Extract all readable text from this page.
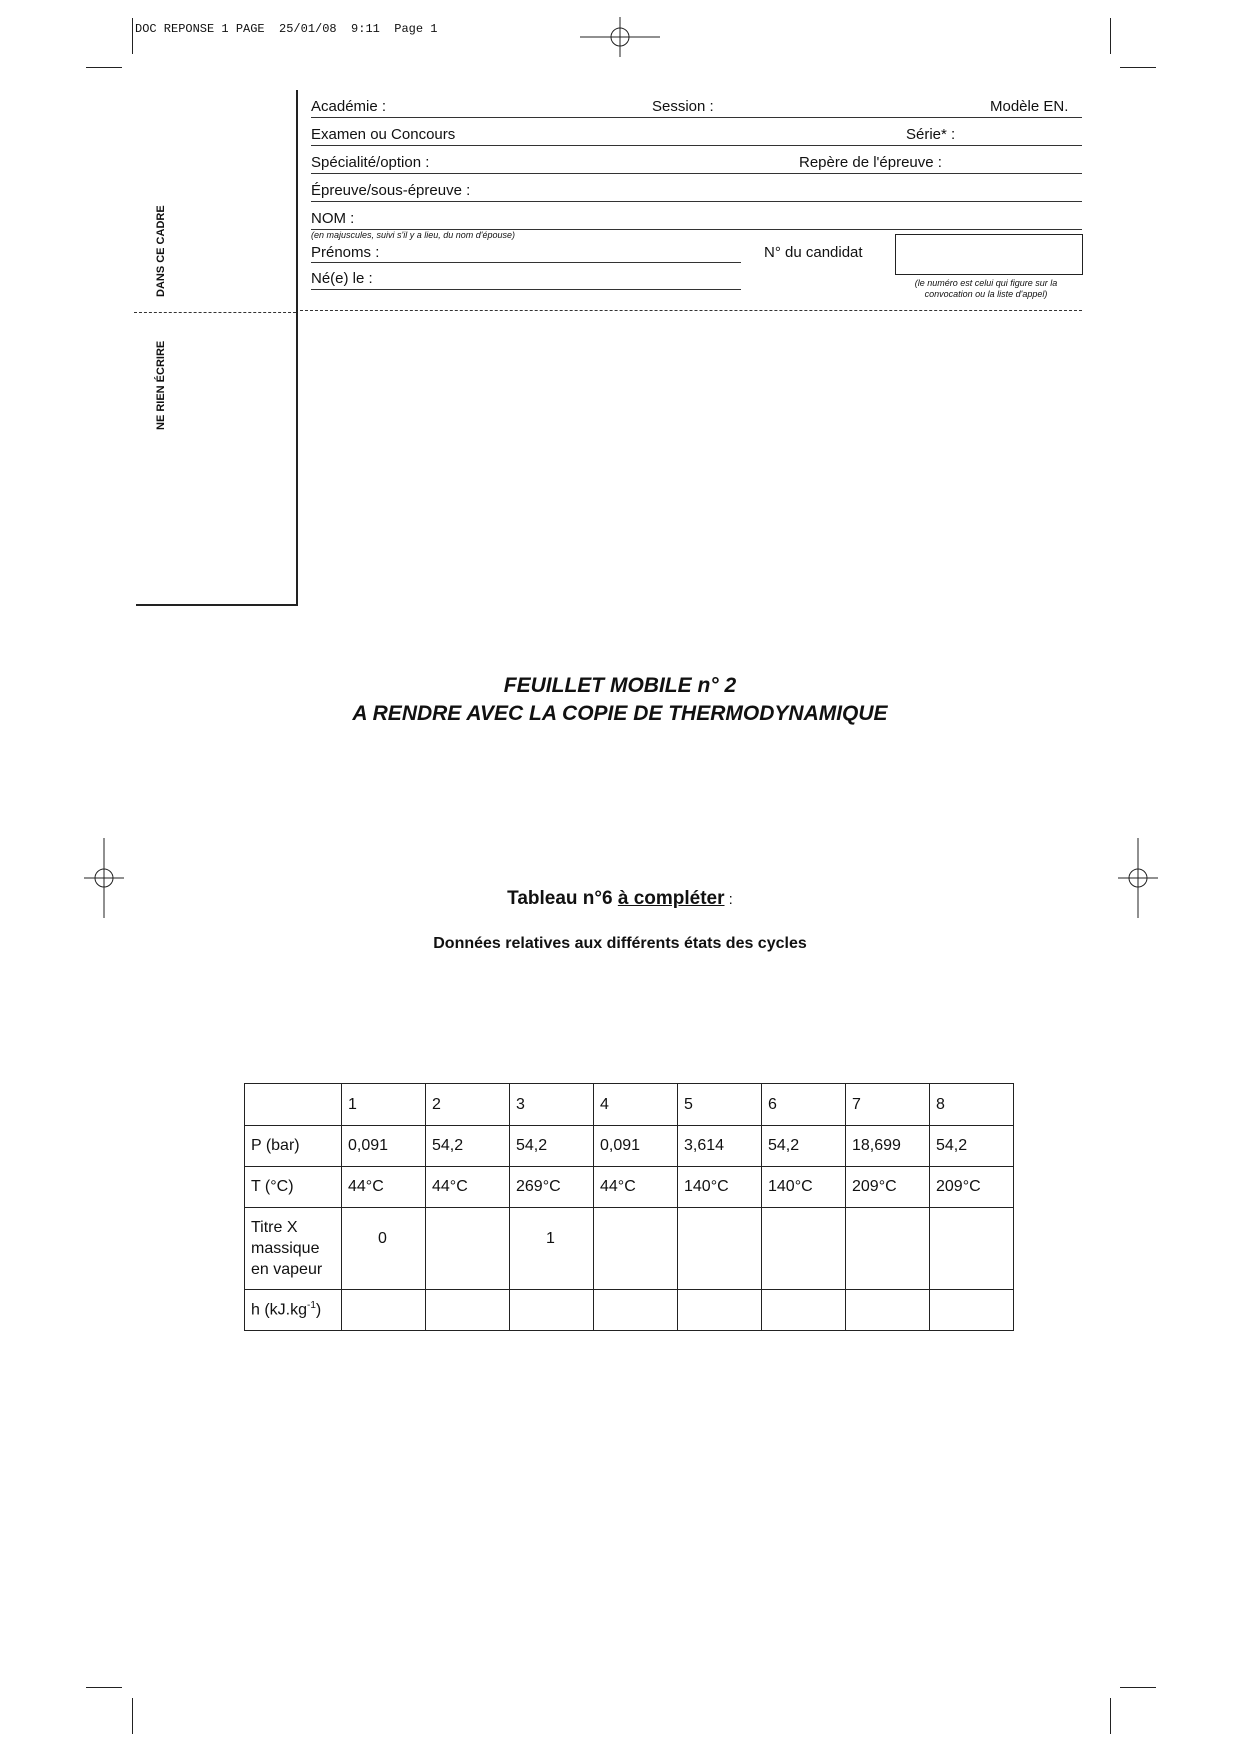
DOC REPONSE 1 PAGE  25/01/08  9:11  Page 1
DANS CE CADRE
NE RIEN ÉCRIRE
Académie :	Session :	Modèle EN.
Examen ou Concours	Série* :
Spécialité/option :	Repère de l'épreuve :
Épreuve/sous-épreuve :
NOM :
(en majuscules, suivi s'il y a lieu, du nom d'épouse)
Prénoms :	N° du candidat
Né(e) le :	(le numéro est celui qui figure sur la convocation ou la liste d'appel)
FEUILLET MOBILE n° 2
A RENDRE AVEC LA COPIE DE THERMODYNAMIQUE
Tableau n°6 à compléter :
Données relatives aux différents états des cycles
	1	2	3	4	5	6	7	8
P (bar)	0,091	54,2	54,2	0,091	3,614	54,2	18,699	54,2
T (°C)	44°C	44°C	269°C	44°C	140°C	140°C	209°C	209°C

Titre X
massique
en vapeur	0		1					
h $(kJ.kg^{-1})$								
